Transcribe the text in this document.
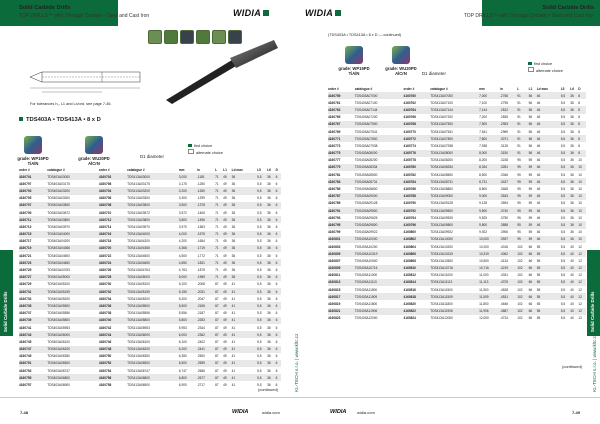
Solid Carbide Drills
TOP DRILLS™ with Through Coolant • Steel and Cast Iron	WIDIA
For tolerances h₁, L1 and Lx/ord, see page 7-46.
TDS403A • TDS413A • 8 x D
grade: WP15PD
TiAlN
grade: WU20PD
AlCrN
D1 diameter
first choice
alternate choice
order #	catalogue #	order #	catalogue #	mm	in	L	L1	Ld max	L5	L6	D
4160701	TDS403A03000	4160702	TDS413A03000	3,000	.1181	71	49	36	5,5	36	6
4160797	TDS403A03175	4160798	TDS413A03175	3,175	.1250	71	49	36	5,5	36	6
4160703	TDS403A03200	4160704	TDS413A03200	3,200	.1260	71	49	36	5,5	36	6
4160705	TDS403A03300	4160706	TDS413A03300	3,300	.1299	71	49	36	5,5	36	6
4160707	TDS403A03500	4160708	TDS413A03500	3,500	.1378	71	49	36	5,5	36	6
4160709	TDS403A03572	4160710	TDS413A03572	3,572	.1406	71	49	36	5,5	36	6
4160711	TDS403A03800	4160712	TDS413A03800	3,800	.1496	71	49	36	5,5	36	6
4160713	TDS403A03970	4160714	TDS413A03970	3,970	.1563	71	49	36	5,5	36	6
4160715	TDS403A04000	4160716	TDS413A04000	4,000	.1575	71	49	36	5,5	36	6
4160717	TDS403A04200	4160718	TDS413A04200	4,200	.1654	71	49	36	5,5	36	6
4160719	TDS403A04366	4160720	TDS413A04366	4,366	.1719	71	49	36	5,5	36	6
4160721	TDS403A04500	4160722	TDS413A04500	4,500	.1772	71	49	36	5,5	36	6
4160723	TDS403A04650	4160724	TDS413A04650	4,650	.1831	71	49	36	5,5	36	6
4160725	TDS403A04763	4160726	TDS413A04763	4,763	.1875	71	49	36	5,5	36	6
4160727	TDS403A05000	4160728	TDS413A05000	5,000	.1969	71	49	36	5,5	36	6
4160729	TDS403A05100	4160730	TDS413A05100	5,100	.2008	87	49	41	5,5	36	6
4160731	TDS403A05159	4160732	TDS413A05159	5,159	.2031	87	49	41	5,5	36	6
4160733	TDS403A05200	4160734	TDS413A05200	5,200	.2047	87	49	41	5,5	36	6
4160735	TDS403A05500	4160736	TDS413A05500	5,500	.2165	87	49	41	5,5	36	6
4160737	TDS403A05556	4160738	TDS413A05556	5,556	.2187	87	49	41	5,5	36	6
4160739	TDS403A05800	4160740	TDS413A05800	5,800	.2283	87	49	41	5,5	36	6
4160741	TDS403A05953	4160742	TDS413A05953	5,953	.2344	87	49	41	5,5	36	6
4160743	TDS403A06000	4160744	TDS413A06000	6,000	.2362	87	49	41	5,5	36	6
4160745	TDS403A06100	4160746	TDS413A06100	6,100	.2402	87	49	41	5,5	36	6
4160747	TDS403A06200	4160748	TDS413A06200	6,200	.2441	87	49	41	5,5	36	6
4160749	TDS403A06350	4160750	TDS413A06350	6,350	.2500	87	49	41	5,5	36	6
4160751	TDS403A06500	4160752	TDS413A06500	6,500	.2559	87	49	41	5,5	36	6
4160753	TDS403A06747	4160754	TDS413A06747	6,747	.2656	87	49	41	5,5	36	6
4160755	TDS403A06800	4160756	TDS413A06800	6,800	.2677	87	49	41	5,5	36	6
4160757	TDS403A06900	4160758	TDS413A06900	6,900	.2717	87	49	41	5,5	36	6
(continued)
7-48	WIDIA	widia.com
Solid Carbide Drills
Solid Carbide Drills
TOP DRILLS™ with Through Coolant • Steel and Cast Iron
WIDIA
(TDS403A • TDS413A • 8 x D — continued)
grade: WP15PD
TiAlN
grade: WU20PD
AlCrN	D1 diameter
first choice
alternate choice
order #	catalogue #	order #	catalogue #	mm	in	L	L1	Ld max	L5	L6	D
4160759	TDS403A07000	4160760	TDS413A07000	7,000	.2756	91	56	46	5,5	36	8
4160761	TDS403A07100	4160762	TDS413A07100	7,100	.2795	91	56	46	5,5	36	8
4160763	TDS403A07144	4160764	TDS413A07144	7,144	.2812	91	56	46	5,5	36	8
4160765	TDS403A07200	4160766	TDS413A07200	7,200	.2835	91	56	46	5,5	36	8
4160767	TDS403A07500	4160768	TDS413A07500	7,500	.2953	91	56	46	5,5	36	8
4160769	TDS403A07541	4160770	TDS413A07541	7,541	.2969	91	56	46	5,5	36	8
4160771	TDS403A07800	4160772	TDS413A07800	7,800	.3071	91	56	46	5,5	36	8
4160773	TDS403A07938	4160774	TDS413A07938	7,938	.3125	91	56	46	5,5	36	8
4160775	TDS403A08000	4160776	TDS413A08000	8,000	.3150	91	56	46	5,5	36	8
4160777	TDS403A08200	4160778	TDS413A08200	8,200	.3228	95	59	46	5,5	36	10
4160779	TDS403A08334	4160780	TDS413A08334	8,334	.3281	95	59	46	5,5	36	10
4160781	TDS403A08500	4160782	TDS413A08500	8,500	.3346	95	59	46	5,5	36	10
4160783	TDS403A08731	4160784	TDS413A08731	8,731	.3437	95	59	46	5,5	36	10
4160785	TDS403A08800	4160786	TDS413A08800	8,800	.3465	95	59	46	5,5	36	10
4160787	TDS403A09000	4160788	TDS413A09000	9,000	.3543	95	59	46	5,5	36	10
4160789	TDS403A09128	4160790	TDS413A09128	9,128	.3594	95	59	46	5,5	36	10
4160791	TDS403A09500	4160792	TDS413A09500	9,500	.3740	95	59	46	5,5	36	10
4160793	TDS403A09525	4160794	TDS413A09525	9,525	.3750	95	59	46	5,5	36	10
4160795	TDS403A09800	4160796	TDS413A09800	9,800	.3858	95	59	46	5,5	36	10
4160799	TDS403A09922	4160800	TDS413A09922	9,922	.3906	95	59	46	5,5	36	10
4160801	TDS403A10000	4160802	TDS413A10000	10,000	.3937	95	59	46	5,5	36	10
4160803	TDS403A10200	4160804	TDS413A10200	10,200	.4016	102	66	55	5,5	40	12
4160805	TDS403A10319	4160806	TDS413A10319	10,319	.4062	102	66	55	5,5	40	12
4160807	TDS403A10500	4160808	TDS413A10500	10,500	.4134	102	66	55	5,5	40	12
4160809	TDS403A10716	4160810	TDS413A10716	10,716	.4219	102	66	55	5,5	40	12
4160811	TDS403A11000	4160812	TDS413A11000	11,000	.4331	102	66	55	5,5	40	12
4160813	TDS403A11113	4160814	TDS413A11113	11,113	.4375	102	66	55	5,5	40	12
4160815	TDS403A11500	4160816	TDS413A11500	11,500	.4528	102	66	55	5,5	40	12
4160817	TDS403A11509	4160818	TDS413A11509	11,509	.4531	102	66	55	5,5	40	12
4160819	TDS403A11800	4160820	TDS413A11800	11,800	.4646	102	66	55	5,5	40	12
4160821	TDS403A11906	4160822	TDS413A11906	11,906	.4687	102	66	55	5,5	40	12
4160823	TDS403A12000	4160824	TDS413A12000	12,000	.4724	102	66	55	5,5	40	12
(continued)
WIDIA	widia.com	7-49
Solid Carbide Drills
KL-TECH s.r.o. | www.kltc.cz	KL-TECH s.r.o. | www.kltc.cz
